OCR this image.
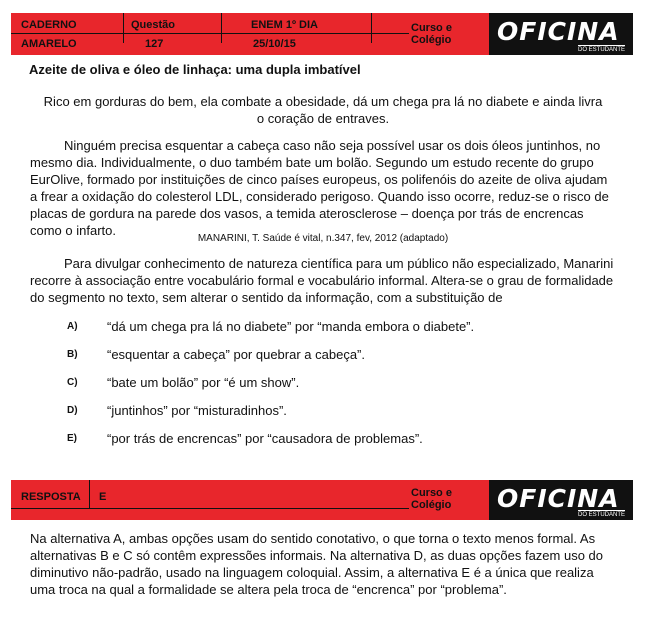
CADERNO
AMARELO
Questão
127
ENEM 1º DIA
25/10/15
Curso e
Colégio OFICINA
DO ESTUDANTE
Azeite de oliva e óleo de linhaça: uma dupla imbatível
Rico em gorduras do bem, ela combate a obesidade, dá um chega pra lá no diabete e ainda livra o coração de entraves.
Ninguém precisa esquentar a cabeça caso não seja possível usar os dois óleos juntinhos, no mesmo dia. Individualmente, o duo também bate um bolão. Segundo um estudo recente do grupo EurOlive, formado por instituições de cinco países europeus, os polifenóis do azeite de oliva ajudam a frear a oxidação do colesterol LDL, considerado perigoso. Quando isso ocorre, reduz-se o risco de placas de gordura na parede dos vasos, a temida aterosclerose – doença por trás de encrencas como o infarto.
MANARINI, T. Saúde é vital, n.347, fev, 2012 (adaptado)
Para divulgar conhecimento de natureza científica para um público não especializado, Manarini recorre à associação entre vocabulário formal e vocabulário informal. Altera-se o grau de formalidade do segmento no texto, sem alterar o sentido da informação, com a substituição de
A) “dá um chega pra lá no diabete” por “manda embora o diabete”.
B) “esquentar a cabeça” por quebrar a cabeça”.
C) “bate um bolão” por “é um show”.
D) “juntinhos” por “misturadinhos”.
E) “por trás de encrencas” por “causadora de problemas”.
RESPOSTA E	Curso e
Colégio OFICINA
DO ESTUDANTE
Na alternativa A, ambas opções usam do sentido conotativo, o que torna o texto menos formal. As alternativas B e C só contêm expressões informais. Na alternativa D, as duas opções fazem uso do diminutivo não-padrão, usado na linguagem coloquial. Assim, a alternativa E é a única que realiza uma troca na qual a formalidade se altera pela troca de “encrenca” por “problema”.
